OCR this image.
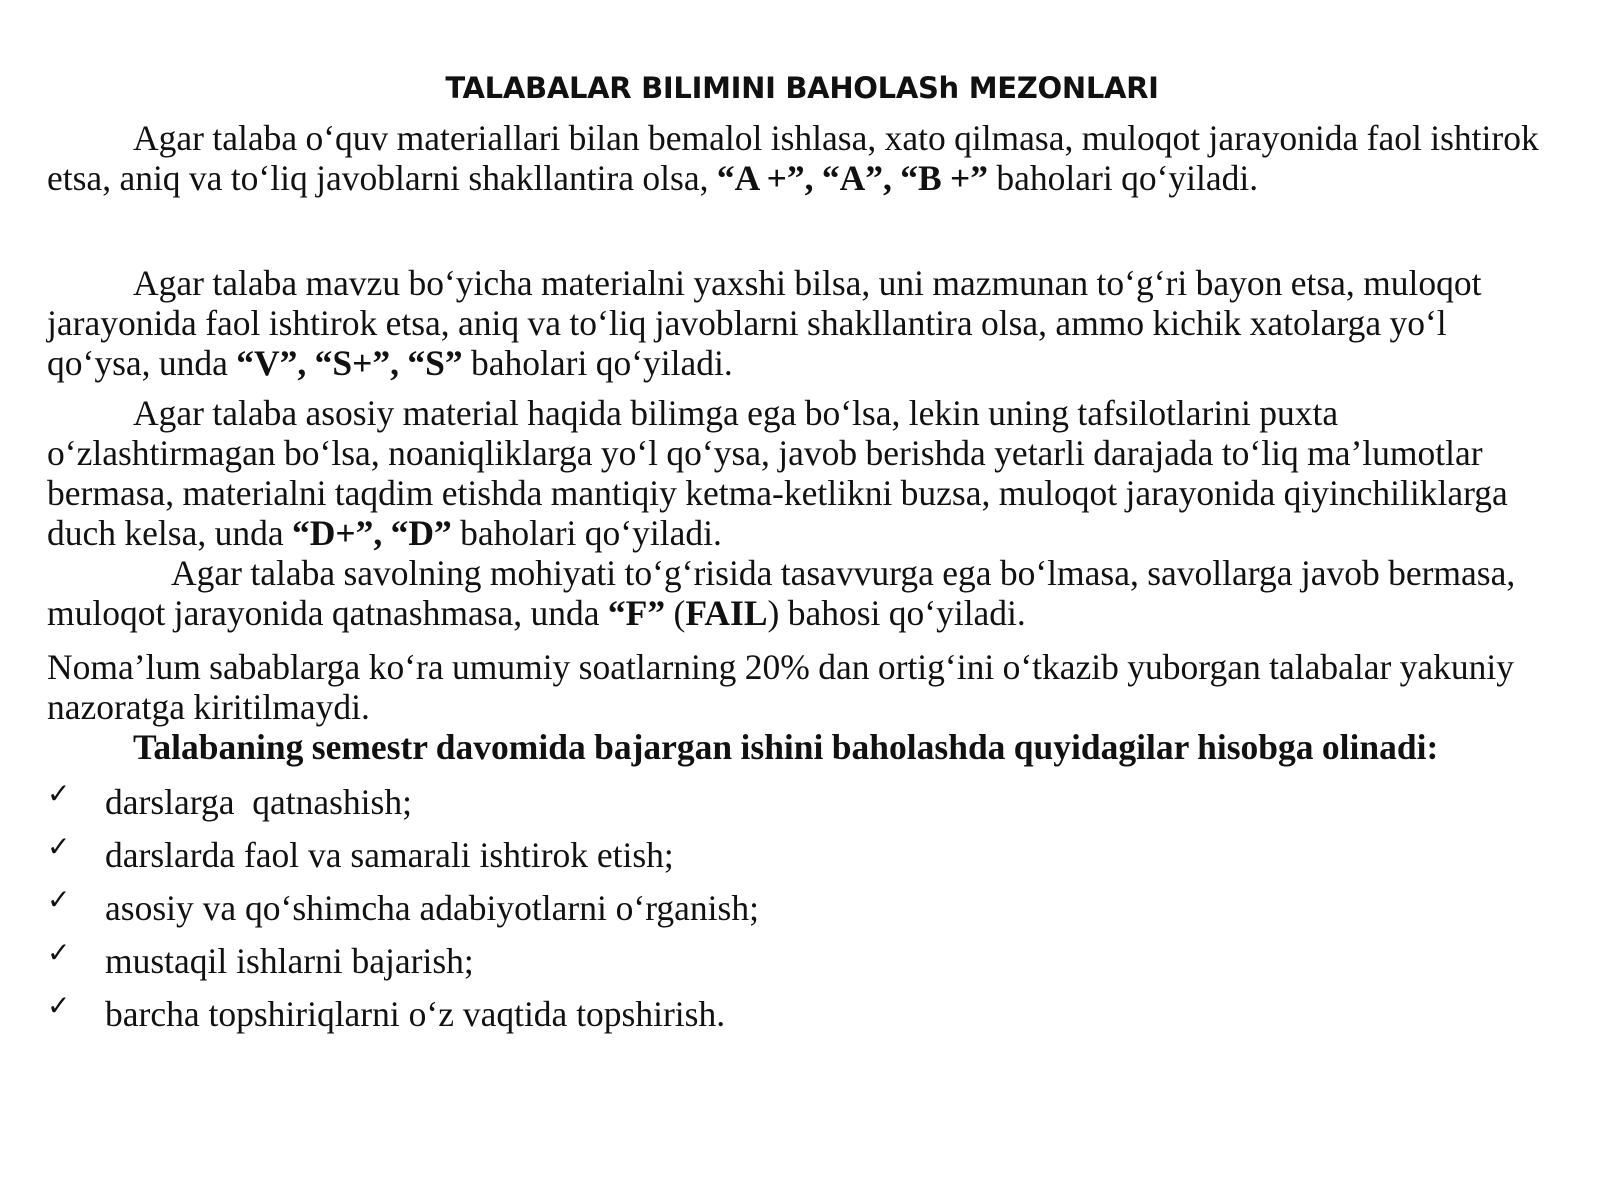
TALABALAR BILIMINI BAHOLASh MEZONLARI

Agar talaba o‘quv materiallari bilan bemalol ishlasa, xato qilmasa, muloqot jarayonida faol ishtirok etsa, aniq va to‘liq javoblarni shakllantira olsa, “A +”, “A”, “B +” baholari qo‘yiladi.

Agar talaba mavzu bo‘yicha materialni yaxshi bilsa, uni mazmunan to‘g‘ri bayon etsa, muloqot jarayonida faol ishtirok etsa, aniq va to‘liq javoblarni shakllantira olsa, ammo kichik xatolarga yo‘l qo‘ysa, unda “V”, “S+”, “S” baholari qo‘yiladi.

Agar talaba asosiy material haqida bilimga ega bo‘lsa, lekin uning tafsilotlarini puxta o‘zlashtirmagan bo‘lsa, noaniqliklarga yo‘l qo‘ysa, javob berishda yetarli darajada to‘liq ma’lumotlar bermasa, materialni taqdim etishda mantiqiy ketma-ketlikni buzsa, muloqot jarayonida qiyinchiliklarga duch kelsa, unda “D+”, “D” baholari qo‘yiladi.

Agar talaba savolning mohiyati to‘g‘risida tasavvurga ega bo‘lmasa, savollarga javob bermasa, muloqot jarayonida qatnashmasa, unda “F” (FAIL) bahosi qo‘yiladi.

Noma’lum sabablarga ko‘ra umumiy soatlarning 20% dan ortig‘ini o‘tkazib yuborgan talabalar yakuniy nazoratga kiritilmaydi.

Talabaning semestr davomida bajargan ishini baholashda quyidagilar hisobga olinadi:

✓ darslarga  qatnashish;
✓ darslarda faol va samarali ishtirok etish;
✓ asosiy va qo‘shimcha adabiyotlarni o‘rganish;
✓ mustaqil ishlarni bajarish;
✓ barcha topshiriqlarni o‘z vaqtida topshirish.
